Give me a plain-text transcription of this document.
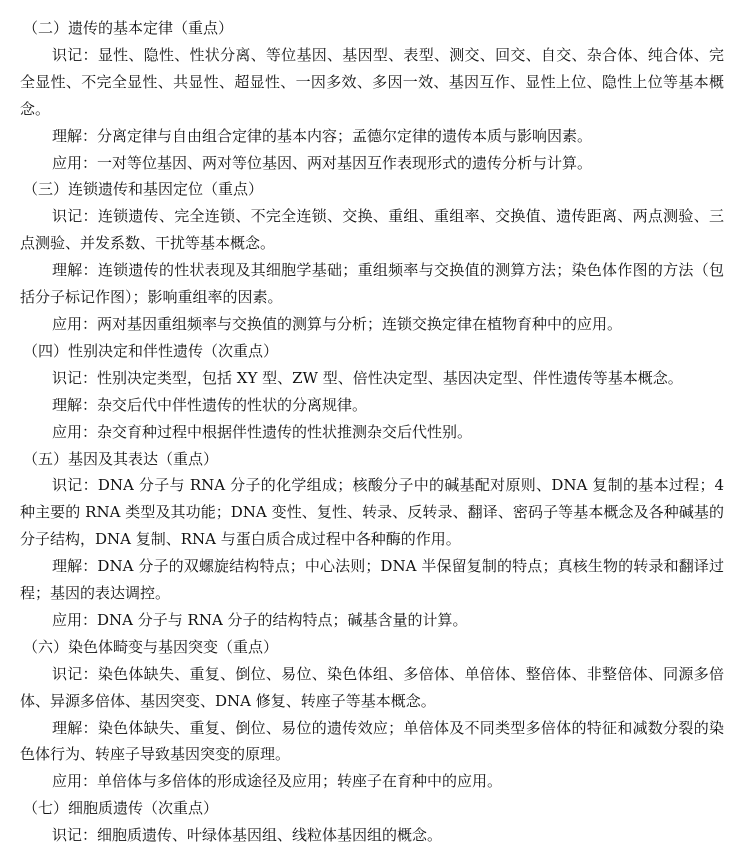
（二）遗传的基本定律（重点）

识记：显性、隐性、性状分离、等位基因、基因型、表型、测交、回交、自交、杂合体、纯合体、完全显性、不完全显性、共显性、超显性、一因多效、多因一效、基因互作、显性上位、隐性上位等基本概念。

理解：分离定律与自由组合定律的基本内容；孟德尔定律的遗传本质与影响因素。

应用：一对等位基因、两对等位基因、两对基因互作表现形式的遗传分析与计算。

（三）连锁遗传和基因定位（重点）

识记：连锁遗传、完全连锁、不完全连锁、交换、重组、重组率、交换值、遗传距离、两点测验、三点测验、并发系数、干扰等基本概念。

理解：连锁遗传的性状表现及其细胞学基础；重组频率与交换值的测算方法；染色体作图的方法（包括分子标记作图）；影响重组率的因素。

应用：两对基因重组频率与交换值的测算与分析；连锁交换定律在植物育种中的应用。

（四）性别决定和伴性遗传（次重点）

识记：性别决定类型，包括 XY 型、ZW 型、倍性决定型、基因决定型、伴性遗传等基本概念。

理解：杂交后代中伴性遗传的性状的分离规律。

应用：杂交育种过程中根据伴性遗传的性状推测杂交后代性别。

（五）基因及其表达（重点）

识记：DNA 分子与 RNA 分子的化学组成；核酸分子中的碱基配对原则、DNA 复制的基本过程；4 种主要的 RNA 类型及其功能；DNA 变性、复性、转录、反转录、翻译、密码子等基本概念及各种碱基的分子结构，DNA 复制、RNA 与蛋白质合成过程中各种酶的作用。

理解：DNA 分子的双螺旋结构特点；中心法则；DNA 半保留复制的特点；真核生物的转录和翻译过程；基因的表达调控。

应用：DNA 分子与 RNA 分子的结构特点；碱基含量的计算。

（六）染色体畸变与基因突变（重点）

识记：染色体缺失、重复、倒位、易位、染色体组、多倍体、单倍体、整倍体、非整倍体、同源多倍体、异源多倍体、基因突变、DNA 修复、转座子等基本概念。

理解：染色体缺失、重复、倒位、易位的遗传效应；单倍体及不同类型多倍体的特征和减数分裂的染色体行为、转座子导致基因突变的原理。

应用：单倍体与多倍体的形成途径及应用；转座子在育种中的应用。

（七）细胞质遗传（次重点）

识记：细胞质遗传、叶绿体基因组、线粒体基因组的概念。
